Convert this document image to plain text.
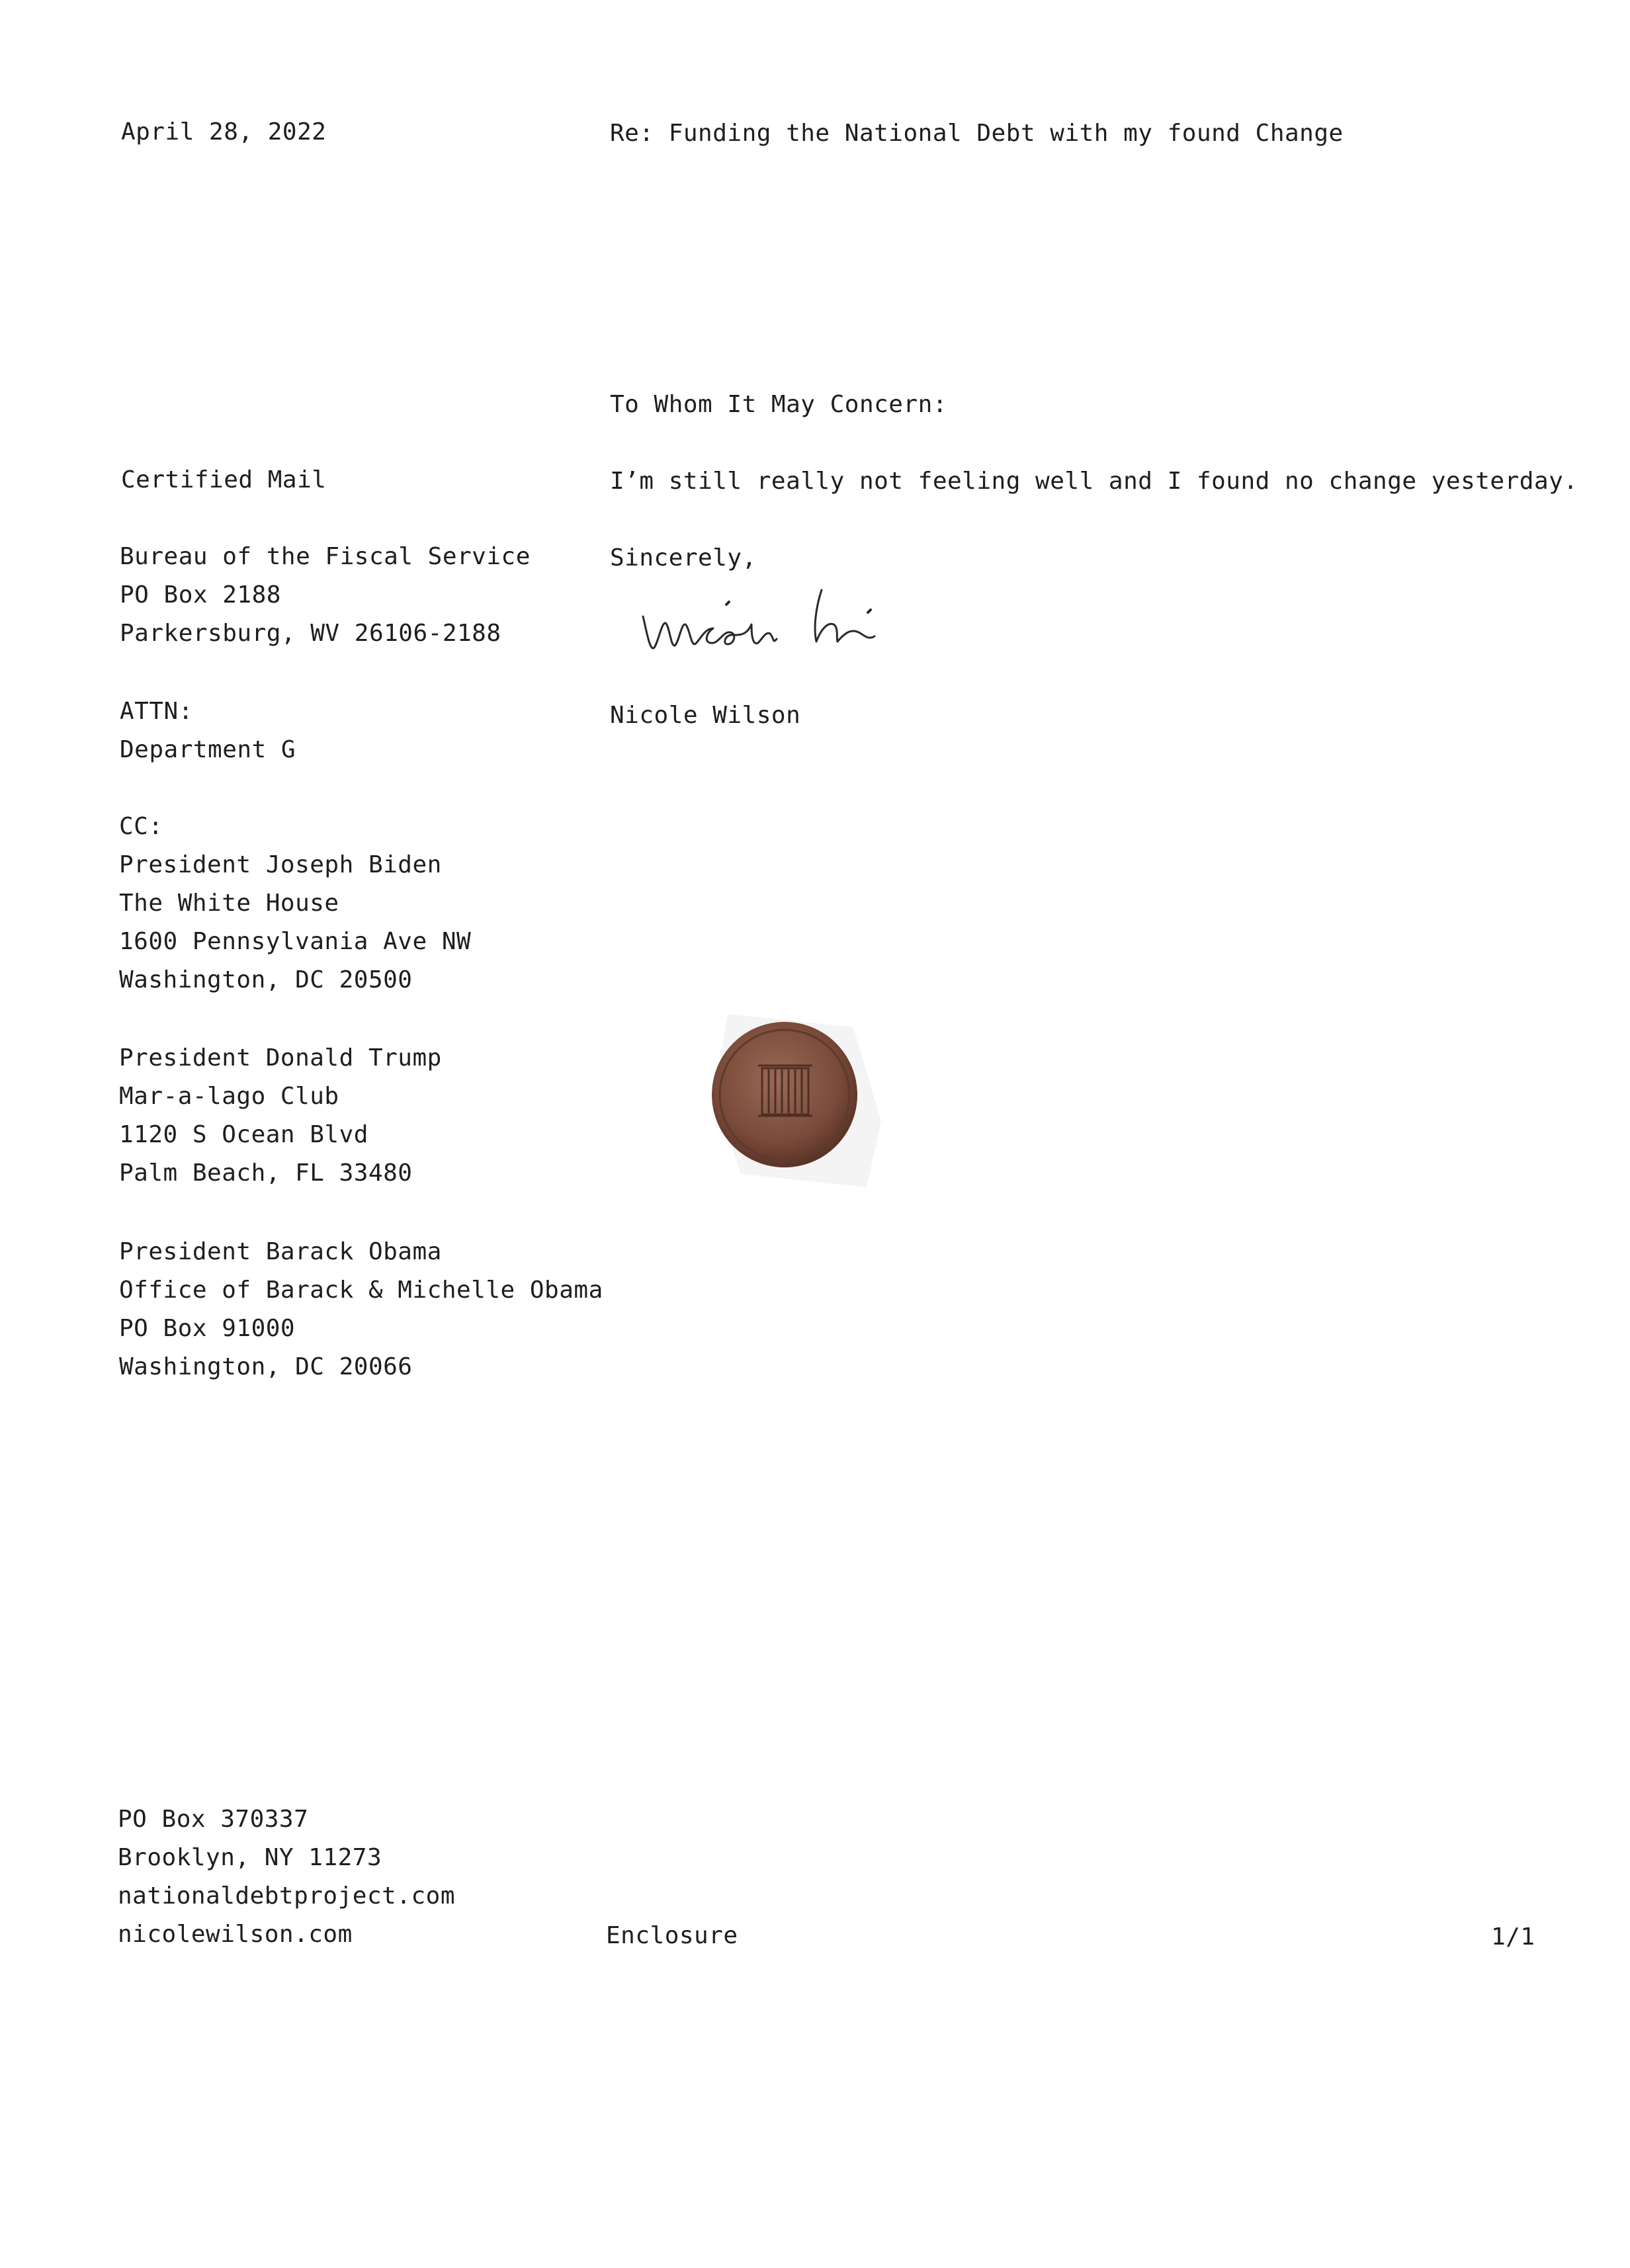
April 28, 2022	Re: Funding the National Debt with my found Change
Certified Mail
Bureau of the Fiscal Service
PO Box 2188
Parkersburg, WV 26106-2188
ATTN:
Department G
CC:
President Joseph Biden
The White House
1600 Pennsylvania Ave NW
Washington, DC 20500
President Donald Trump
Mar-a-lago Club
1120 S Ocean Blvd
Palm Beach, FL 33480
President Barack Obama
Office of Barack & Michelle Obama
PO Box 91000
Washington, DC 20066
To Whom It May Concern:
I’m still really not feeling well and I found no change yesterday.
Sincerely,
Nicole Wilson
PO Box 370337
Brooklyn, NY 11273
nationaldebtproject.com
nicolewilson.com	Enclosure	1/1
